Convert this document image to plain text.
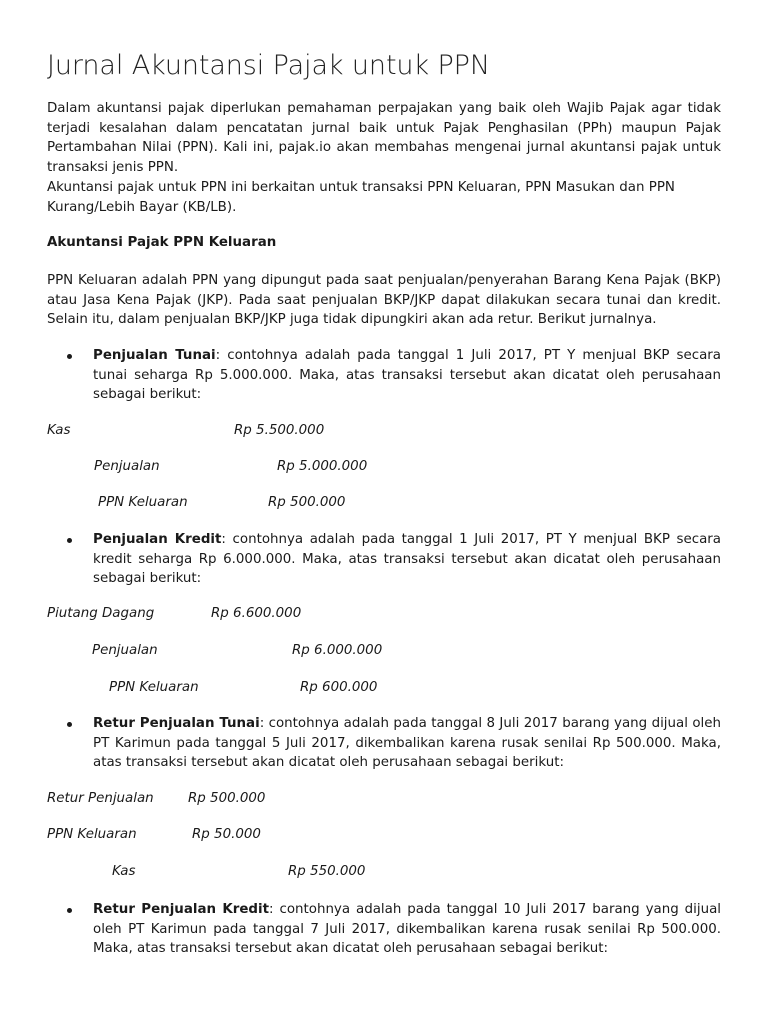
Jurnal Akuntansi Pajak untuk PPN

Dalam akuntansi pajak diperlukan pemahaman perpajakan yang baik oleh Wajib Pajak agar tidak terjadi kesalahan dalam pencatatan jurnal baik untuk Pajak Penghasilan (PPh) maupun Pajak Pertambahan Nilai (PPN). Kali ini, pajak.io akan membahas mengenai jurnal akuntansi pajak untuk transaksi jenis PPN.

Akuntansi pajak untuk PPN ini berkaitan untuk transaksi PPN Keluaran, PPN Masukan dan PPN Kurang/Lebih Bayar (KB/LB).

Akuntansi Pajak PPN Keluaran

PPN Keluaran adalah PPN yang dipungut pada saat penjualan/penyerahan Barang Kena Pajak (BKP) atau Jasa Kena Pajak (JKP). Pada saat penjualan BKP/JKP dapat dilakukan secara tunai dan kredit. Selain itu, dalam penjualan BKP/JKP juga tidak dipungkiri akan ada retur. Berikut jurnalnya.

Penjualan Tunai: contohnya adalah pada tanggal 1 Juli 2017, PT Y menjual BKP secara tunai seharga Rp 5.000.000. Maka, atas transaksi tersebut akan dicatat oleh perusahaan sebagai berikut:
Kas	Rp 5.500.000
Penjualan	Rp 5.000.000
PPN Keluaran	Rp 500.000
Penjualan Kredit: contohnya adalah pada tanggal 1 Juli 2017, PT Y menjual BKP secara kredit seharga Rp 6.000.000. Maka, atas transaksi tersebut akan dicatat oleh perusahaan sebagai berikut:
Piutang Dagang	Rp 6.600.000
Penjualan	Rp 6.000.000
PPN Keluaran	Rp 600.000
Retur Penjualan Tunai: contohnya adalah pada tanggal 8 Juli 2017 barang yang dijual oleh PT Karimun pada tanggal 5 Juli 2017, dikembalikan karena rusak senilai Rp 500.000. Maka, atas transaksi tersebut akan dicatat oleh perusahaan sebagai berikut:
Retur Penjualan	Rp 500.000
PPN Keluaran	Rp 50.000
Kas	Rp 550.000
Retur Penjualan Kredit: contohnya adalah pada tanggal 10 Juli 2017 barang yang dijual oleh PT Karimun pada tanggal 7 Juli 2017, dikembalikan karena rusak senilai Rp 500.000. Maka, atas transaksi tersebut akan dicatat oleh perusahaan sebagai berikut:
